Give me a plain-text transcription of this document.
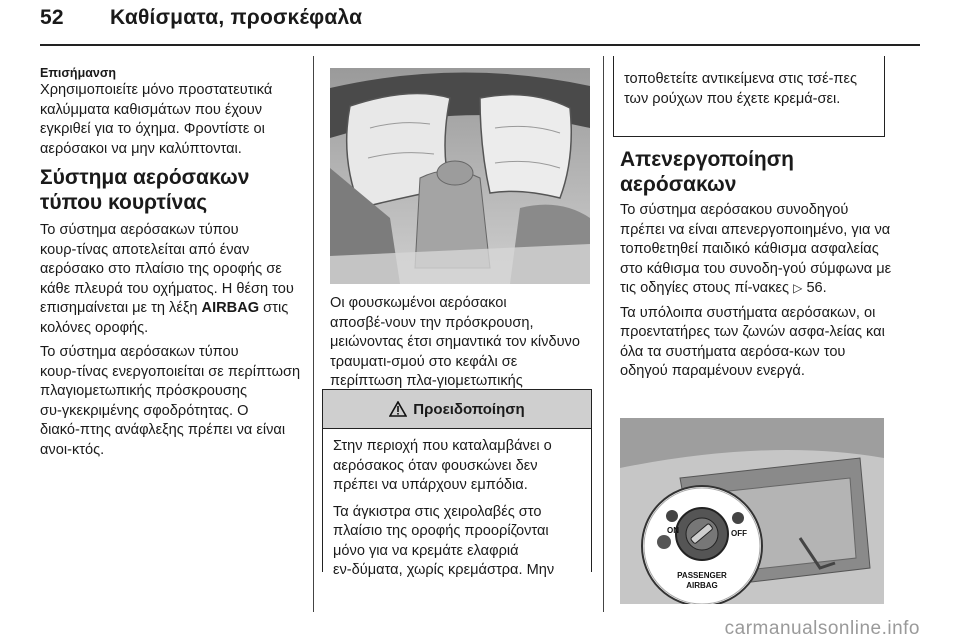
52 Καθίσματα, προσκέφαλα
Επισήμανση

Χρησιμοποιείτε μόνο προστατευτικά καλύμματα καθισμάτων που έχουν εγκριθεί για το όχημα. Φροντίστε οι αερόσακοι να μην καλύπτονται.

Σύστημα αερόσακων τύπου κουρτίνας

Το σύστημα αερόσακων τύπου κουρ‑τίνας αποτελείται από έναν αερόσακο στο πλαίσιο της οροφής σε κάθε πλευρά του οχήματος. Η θέση του επισημαίνεται με τη λέξη AIRBAG στις κολόνες οροφής.

Το σύστημα αερόσακων τύπου κουρ‑τίνας ενεργοποιείται σε περίπτωση πλαγιομετωπικής πρόσκρουσης συ‑γκεκριμένης σφοδρότητας. Ο διακό‑πτης ανάφλεξης πρέπει να είναι ανοι‑κτός.

Οι φουσκωμένοι αερόσακοι αποσβέ‑νουν την πρόσκρουση, μειώνοντας έτσι σημαντικά τον κίνδυνο τραυματι‑σμού στο κεφάλι σε περίπτωση πλα‑γιομετωπικής

Προειδοποίηση

Στην περιοχή που καταλαμβάνει ο αερόσακος όταν φουσκώνει δεν πρέπει να υπάρχουν εμπόδια.

Τα άγκιστρα στις χειρολαβές στο πλαίσιο της οροφής προορίζονται μόνο για να κρεμάτε ελαφριά εν‑δύματα, χωρίς κρεμάστρα. Μην

τοποθετείτε αντικείμενα στις τσέ‑πες των ρούχων που έχετε κρεμά‑σει.
Απενεργοποίηση αερόσακων

Το σύστημα αερόσακου συνοδηγού πρέπει να είναι απενεργοποιημένο, για να τοποθετηθεί παιδικό κάθισμα ασφαλείας στο κάθισμα του συνοδη‑γού σύμφωνα με τις οδηγίες στους πί‑νακες ▷ 56.

Τα υπόλοιπα συστήματα αερόσακων, οι προεντατήρες των ζωνών ασφα‑λείας και όλα τα συστήματα αερόσα‑κων του οδηγού παραμένουν ενεργά.

ON	OFF
PASSENGER
AIRBAG
carmanualsonline.info
